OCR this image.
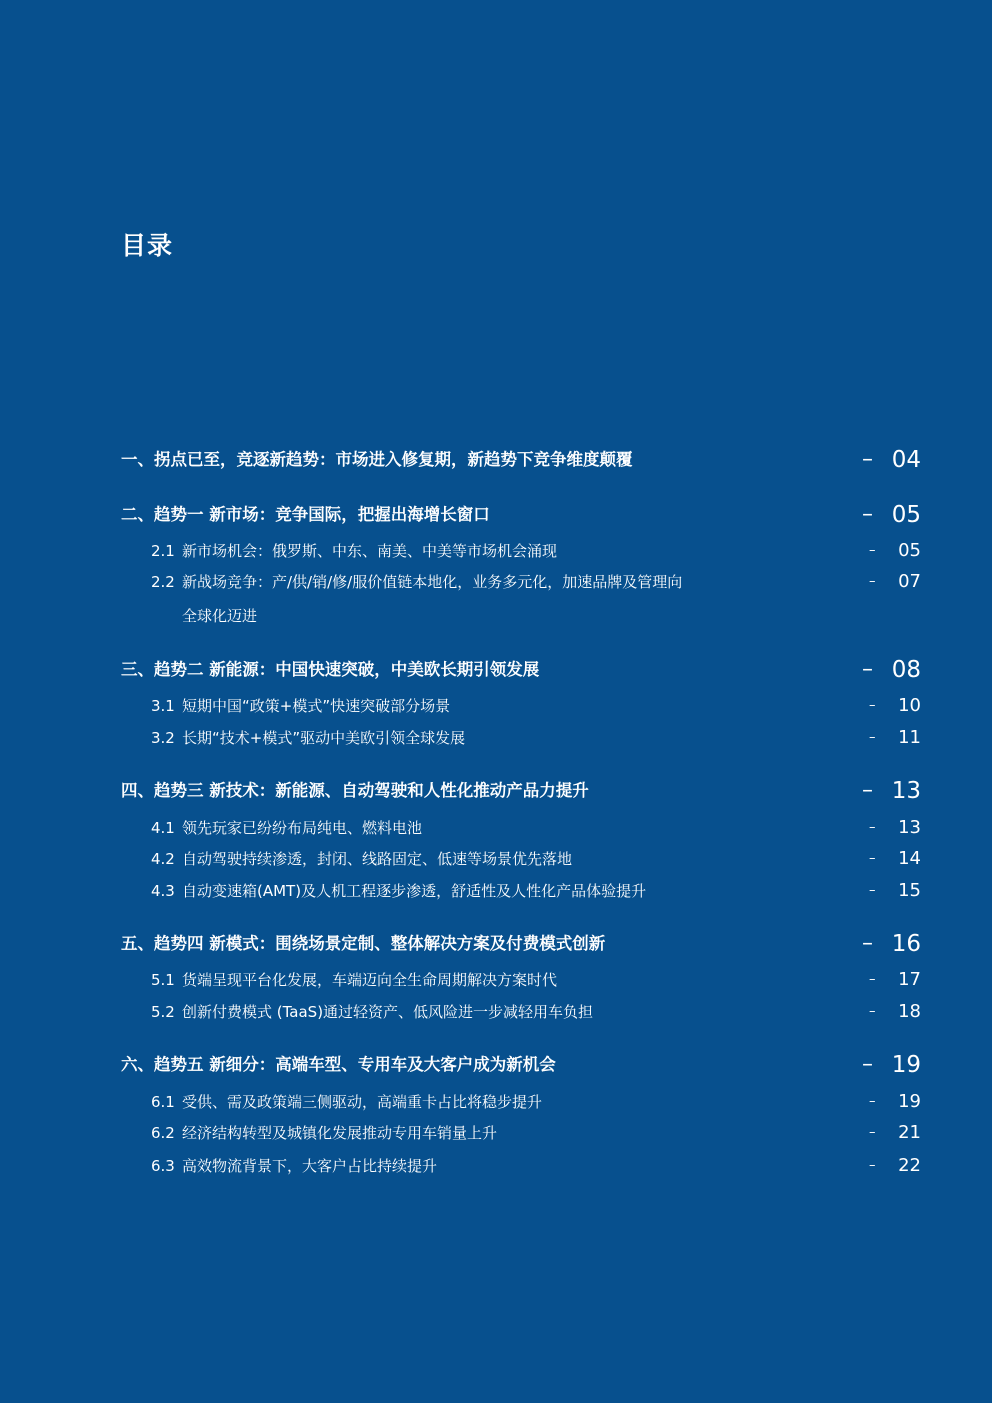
目录
一、拐点已至，竞逐新趋势：市场进入修复期，新趋势下竞争维度颠覆	– 04
二、趋势一 新市场：竞争国际，把握出海增长窗口	– 05
2.1 新市场机会：俄罗斯、中东、南美、中美等市场机会涌现	– 05
2.2 新战场竞争：产/供/销/修/服价值链本地化，业务多元化，加速品牌及管理向
全球化迈进
– 07
三、趋势二 新能源：中国快速突破，中美欧长期引领发展	– 08
3.1 短期中国“政策+模式”快速突破部分场景	– 10
3.2 长期“技术+模式”驱动中美欧引领全球发展	– 11
四、趋势三 新技术：新能源、自动驾驶和人性化推动产品力提升	– 13
4.1 领先玩家已纷纷布局纯电、燃料电池	– 13
4.2 自动驾驶持续渗透，封闭、线路固定、低速等场景优先落地	– 14
4.3 自动变速箱(AMT)及人机工程逐步渗透，舒适性及人性化产品体验提升	– 15
五、趋势四 新模式：围绕场景定制、整体解决方案及付费模式创新	– 16
5.1 货端呈现平台化发展，车端迈向全生命周期解决方案时代	– 17
5.2 创新付费模式 (TaaS)通过轻资产、低风险进一步减轻用车负担	– 18
六、趋势五 新细分：高端车型、专用车及大客户成为新机会	– 19
6.1 受供、需及政策端三侧驱动，高端重卡占比将稳步提升	– 19
6.2 经济结构转型及城镇化发展推动专用车销量上升	– 21
6.3 高效物流背景下，大客户占比持续提升	– 22
